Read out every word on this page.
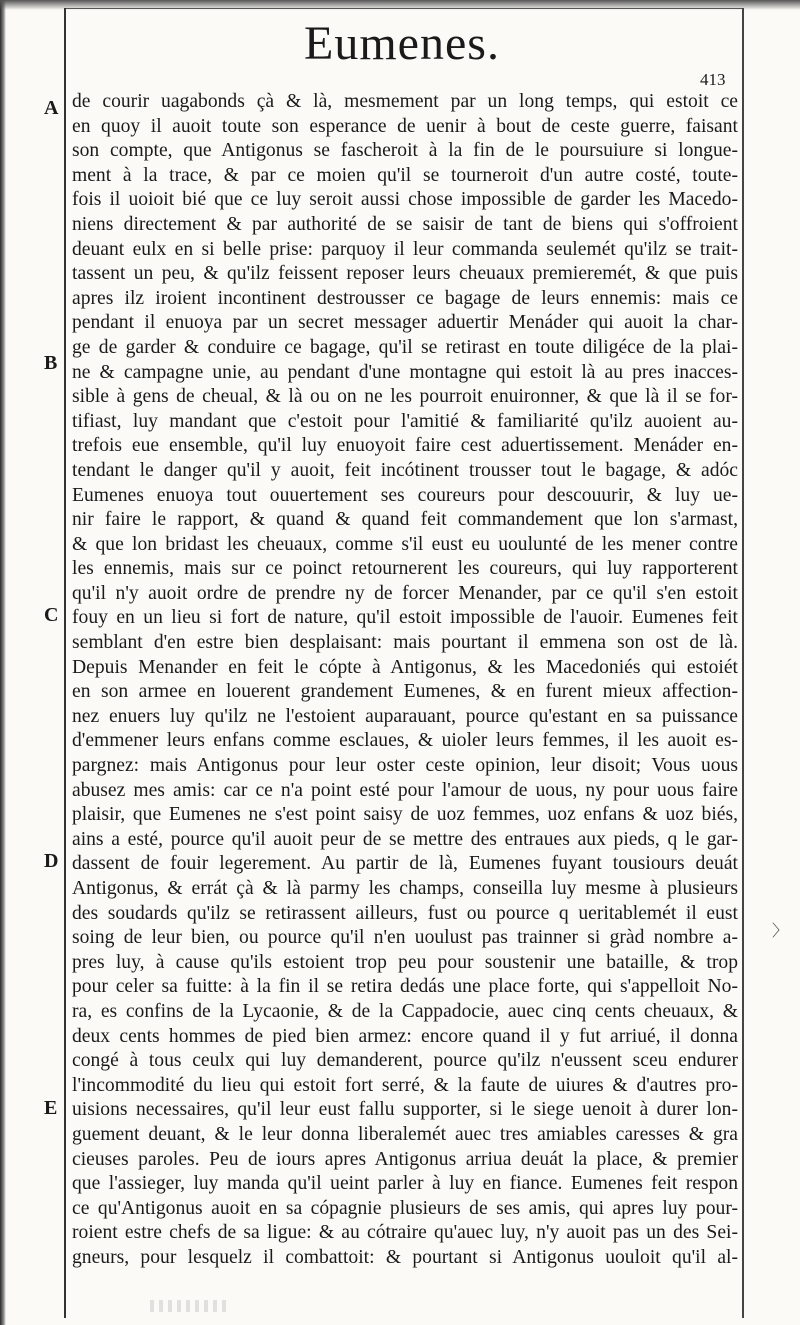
Eumenes.
413
A
B
C
D
E
de courir uagabonds çà & là, mesmement par un long temps, qui estoit ce
en quoy il auoit toute son esperance de uenir à bout de ceste guerre, faisant
son compte, que Antigonus se fascheroit à la fin de le poursuiure si longue-
ment à la trace, & par ce moien qu'il se tourneroit d'un autre costé, toute-
fois il uoioit bié que ce luy seroit aussi chose impossible de garder les Macedo-
niens directement & par authorité de se saisir de tant de biens qui s'offroient
deuant eulx en si belle prise: parquoy il leur commanda seulemét qu'ilz se trait-
tassent un peu, & qu'ilz feissent reposer leurs cheuaux premieremét, & que puis
apres ilz iroient incontinent destrousser ce bagage de leurs ennemis: mais ce
pendant il enuoya par un secret messager aduertir Menáder qui auoit la char-
ge de garder & conduire ce bagage, qu'il se retirast en toute diligéce de la plai-
ne & campagne unie, au pendant d'une montagne qui estoit là au pres inacces-
sible à gens de cheual, & là ou on ne les pourroit enuironner, & que là il se for-
tifiast, luy mandant que c'estoit pour l'amitié & familiarité qu'ilz auoient au-
trefois eue ensemble, qu'il luy enuoyoit faire cest aduertissement. Menáder en-
tendant le danger qu'il y auoit, feit incótinent trousser tout le bagage, & adóc
Eumenes enuoya tout ouuertement ses coureurs pour descouurir, & luy ue-
nir faire le rapport, & quand & quand feit commandement que lon s'armast,
& que lon bridast les cheuaux, comme s'il eust eu uoulunté de les mener contre
les ennemis, mais sur ce poinct retournerent les coureurs, qui luy rapporterent
qu'il n'y auoit ordre de prendre ny de forcer Menander, par ce qu'il s'en estoit
fouy en un lieu si fort de nature, qu'il estoit impossible de l'auoir. Eumenes feit
semblant d'en estre bien desplaisant: mais pourtant il emmena son ost de là.
Depuis Menander en feit le cópte à Antigonus, & les Macedoniés qui estoiét
en son armee en louerent grandement Eumenes, & en furent mieux affection-
nez enuers luy qu'ilz ne l'estoient auparauant, pource qu'estant en sa puissance
d'emmener leurs enfans comme esclaues, & uioler leurs femmes, il les auoit es-
pargnez: mais Antigonus pour leur oster ceste opinion, leur disoit; Vous uous
abusez mes amis: car ce n'a point esté pour l'amour de uous, ny pour uous faire
plaisir, que Eumenes ne s'est point saisy de uoz femmes, uoz enfans & uoz biés,
ains a esté, pource qu'il auoit peur de se mettre des entraues aux pieds, q le gar-
dassent de fouir legerement. Au partir de là, Eumenes fuyant tousiours deuát
Antigonus, & errát çà & là parmy les champs, conseilla luy mesme à plusieurs
des soudards qu'ilz se retirassent ailleurs, fust ou pource q ueritablemét il eust
soing de leur bien, ou pource qu'il n'en uoulust pas trainner si gràd nombre a-
pres luy, à cause qu'ils estoient trop peu pour soustenir une bataille, & trop
pour celer sa fuitte: à la fin il se retira dedás une place forte, qui s'appelloit No-
ra, es confins de la Lycaonie, & de la Cappadocie, auec cinq cents cheuaux, &
deux cents hommes de pied bien armez: encore quand il y fut arriué, il donna
congé à tous ceulx qui luy demanderent, pource qu'ilz n'eussent sceu endurer
l'incommodité du lieu qui estoit fort serré, & la faute de uiures & d'autres pro-
uisions necessaires, qu'il leur eust fallu supporter, si le siege uenoit à durer lon-
guement deuant, & le leur donna liberalemét auec tres amiables caresses & gra
cieuses paroles. Peu de iours apres Antigonus arriua deuát la place, & premier
que l'assieger, luy manda qu'il ueint parler à luy en fiance. Eumenes feit respon
ce qu'Antigonus auoit en sa cópagnie plusieurs de ses amis, qui apres luy pour-
roient estre chefs de sa ligue: & au cótraire qu'auec luy, n'y auoit pas un des Sei-
gneurs, pour lesquelz il combattoit: & pourtant si Antigonus uouloit qu'il al-
〉
